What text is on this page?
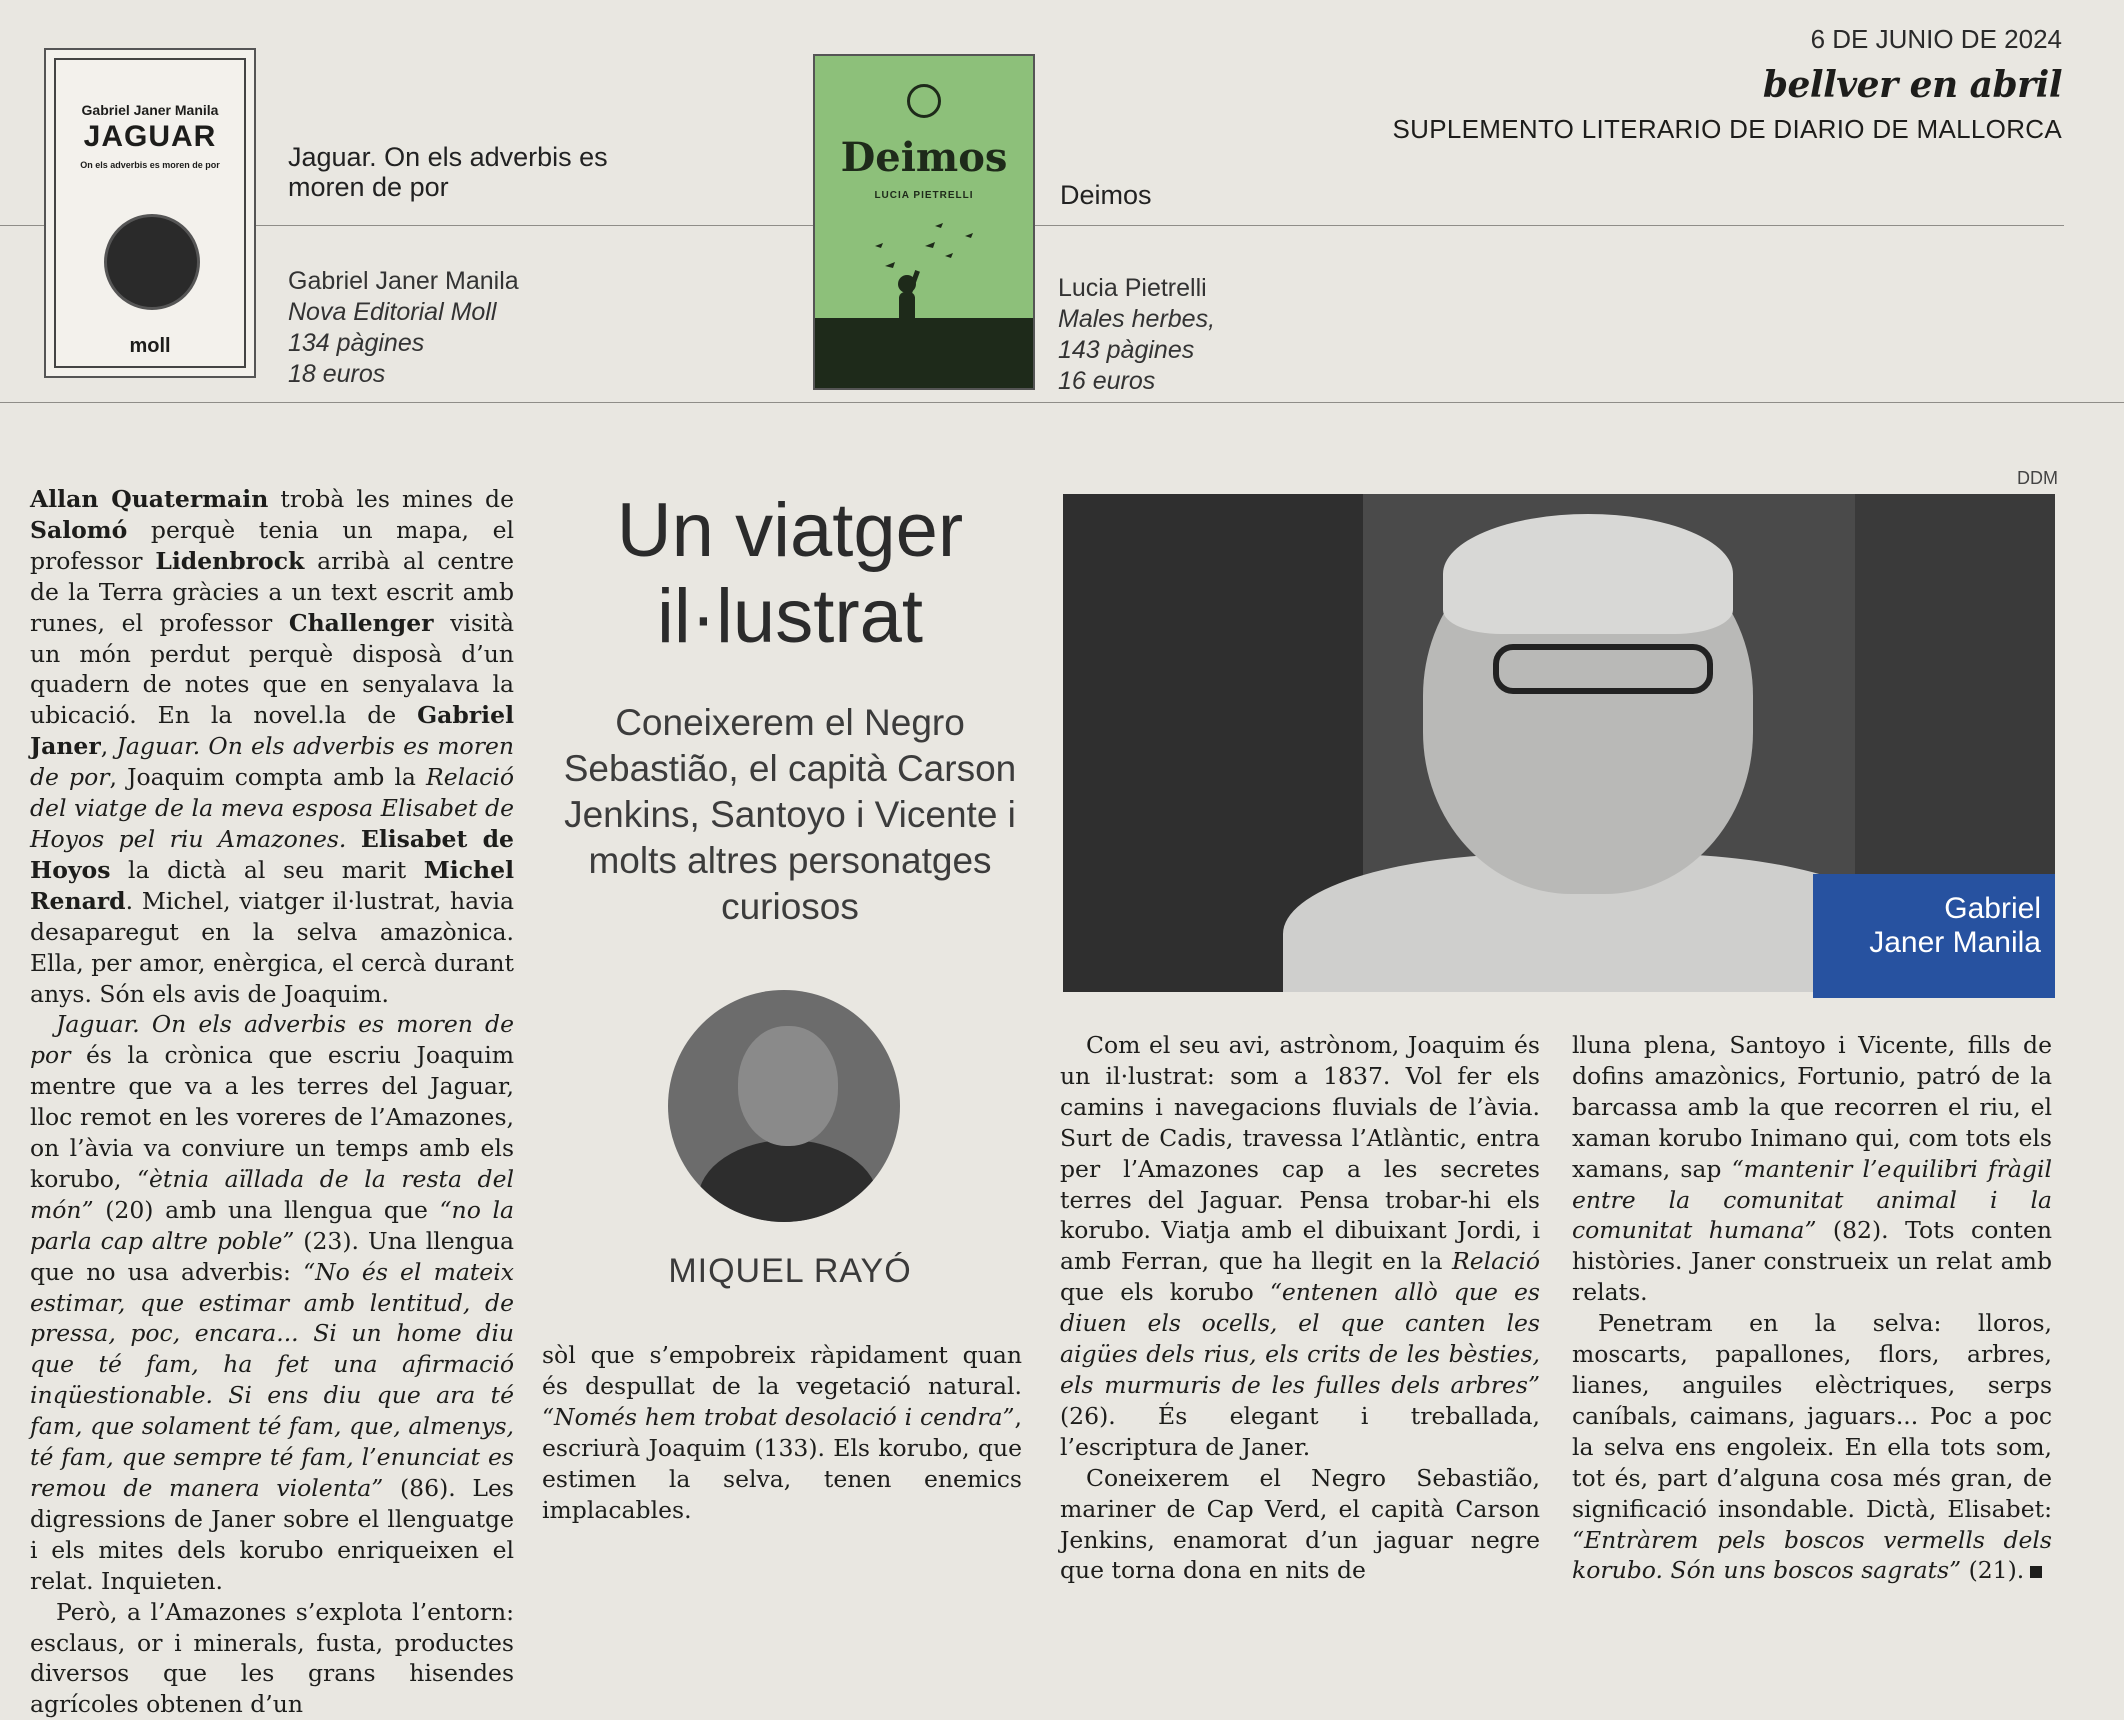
6 DE JUNIO DE 2024
bellver en abril
SUPLEMENTO LITERARIO DE DIARIO DE MALLORCA
Gabriel Janer Manila
JAGUAR
On els adverbis es moren de por
moll
Jaguar. On els adverbis es moren de por
Gabriel Janer Manila
Nova Editorial Moll
134 pàgines
18 euros
Deimos
LUCIA PIETRELLI	Deimos
Lucia Pietrelli
Males herbes,
143 pàgines
16 euros
Un viatger
il·lustrat
Coneixerem el Negro Sebastião, el capità Carson Jenkins, Santoyo i Vicente i molts altres personatges curiosos
MIQUEL RAYÓ
DDM
Gabriel
Janer Manila

Allan Quatermain trobà les mines de Salomó perquè tenia un mapa, el professor Lidenbrock arribà al centre de la Terra gràcies a un text escrit amb runes, el professor Challenger visità un món perdut perquè disposà d’un quadern de notes que en senyalava la ubicació. En la novel.la de Gabriel Janer, Jaguar. On els adverbis es moren de por, Joaquim compta amb la Relació del viatge de la meva esposa Elisabet de Hoyos pel riu Amazones. Elisabet de Hoyos la dictà al seu marit Michel Renard. Michel, viatger il·lustrat, havia desaparegut en la selva amazònica. Ella, per amor, enèrgica, el cercà durant anys. Són els avis de Joaquim.

Jaguar. On els adverbis es moren de por és la crònica que escriu Joaquim mentre que va a les terres del Jaguar, lloc remot en les voreres de l’Amazones, on l’àvia va conviure un temps amb els korubo, “ètnia aïllada de la resta del món” (20) amb una llengua que “no la parla cap altre poble” (23). Una llengua que no usa adverbis: “No és el mateix estimar, que estimar amb lentitud, de pressa, poc, encara... Si un home diu que té fam, ha fet una afirmació inqüestionable. Si ens diu que ara té fam, que solament té fam, que, almenys, té fam, que sempre té fam, l’enunciat es remou de manera violenta” (86). Les digressions de Janer sobre el llenguatge i els mites dels korubo enriqueixen el relat. Inquieten.

Però, a l’Amazones s’explota l’entorn: esclaus, or i minerals, fusta, productes diversos que les grans hisendes agrícoles obtenen d’un

sòl que s’empobreix ràpidament quan és despullat de la vegetació natural. “Només hem trobat desolació i cendra”, escriurà Joaquim (133). Els korubo, que estimen la selva, tenen enemics implacables.

Com el seu avi, astrònom, Joaquim és un il·lustrat: som a 1837. Vol fer els camins i navegacions fluvials de l’àvia. Surt de Cadis, travessa l’Atlàntic, entra per l’Amazones cap a les secretes terres del Jaguar. Pensa trobar-hi els korubo. Viatja amb el dibuixant Jordi, i amb Ferran, que ha llegit en la Relació que els korubo “entenen allò que es diuen els ocells, el que canten les aigües dels rius, els crits de les bèsties, els murmuris de les fulles dels arbres” (26). És elegant i treballada, l’escriptura de Janer.

Coneixerem el Negro Sebastião, mariner de Cap Verd, el capità Carson Jenkins, enamorat d’un jaguar negre que torna dona en nits de

lluna plena, Santoyo i Vicente, fills de dofins amazònics, Fortunio, patró de la barcassa amb la que recorren el riu, el xaman korubo Inimano qui, com tots els xamans, sap “mantenir l’equilibri fràgil entre la comunitat animal i la comunitat humana” (82). Tots conten històries. Janer construeix un relat amb relats.

Penetram en la selva: lloros, moscarts, papallones, flors, arbres, lianes, anguiles elèctriques, serps caníbals, caimans, jaguars... Poc a poc la selva ens engoleix. En ella tots som, tot és, part d’alguna cosa més gran, de significació insondable. Dictà, Elisabet: “Entràrem pels boscos vermells dels korubo. Són uns boscos sagrats” (21).
